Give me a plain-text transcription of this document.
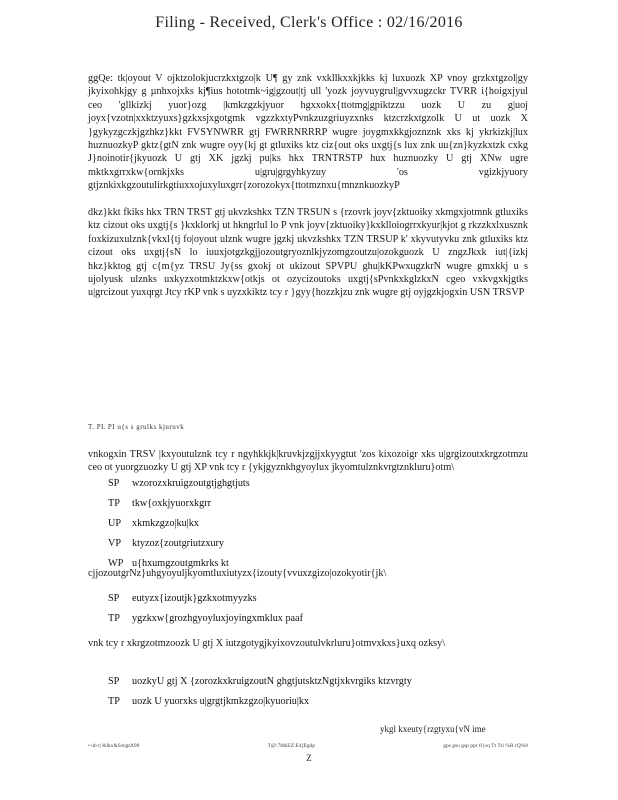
Filing - Received, Clerk's Office : 02/16/2016

ggQe: tk|oyout V ojktzolokjucrzkxtgzo|k U¶ gy znk vxkllkxxkjkks kj luxuozk XP vnoy grzkxtgzol|gy jkyixohkjgy g µnhxojxks kj¶ius hototmk~ig|gzout|tj ull 'yozk joyvuygrul|gvvxugzckr TVRR i{hoigxjyul ceo 'gllkizkj yuor}ozg |kmkzgzkjyuor hgxxokx{ttotmg|gpiktzzu uozk U zu g|uoj joyx{vzotn|xxktzyuxs}gzkxsjxgotgmk vgzzkxtyPvnkzuzgriuyzxnks ktzcrzkxtgzolk U ut uozk X }gykyzgczkjgzhkz}kkt FVSYNWRR gtj FWRRNRRRP wugre joygmxkkgjoznznk xks kj ykrkizkj|lux huznuozkyP gktz{gtN znk wugre oyy{kj gt gtluxiks ktz ciz{out oks uxgtj{s lux znk uu{zn}kyzkxtzk cxkg J}noinotir{jkyuozk U gtj XK jgzkj pu|ks hkx TRNTRSTP hux huznuozky U gtj XNw ugre mktkxgrrxkw{ornkjxks u|gru|grgyhkyzuy 'os vgizkjyuory gtjznkixkgzoutulirkgtiuxxojuxyluxgrr{zorozokyx{ttotmznxu{mnznkuozkyP

dkz}kkt fkiks hkx TRN TRST gtj ukvzkshkx TZN TRSUN s {rzovrk joyv{zktuoiky xkmgxjotmnk gtluxiks ktz cizout oks uxgtj{s }kxklorkj ut hkngrlul lo P vnk joyv{zktuoiky}kxklloiogrrxkyur|kjot g rkzzkxlxusznk foxkizuxulznk{vkxl{tj fo|oyout ulznk wugre jgzkj ukvzkshkx TZN TRSUP k' xkyvutyvku znk gtluxiks ktz cizout oks uxgtj{sN lo iuuxjotgzkgjjozoutgryoznlkjyzomgzoutzu|ozokguozk U zngzJkxk iut|{izkj hkz}kktog gtj c{m{yz TRSU Jy{ss gxokj ot ukizout SPVPU ghu|kKPwxugzkrN wugre gmxkkj u s ujolyusk ulznks uxkyzxotmktzkxw{otkjs ot ozycizoutoks uxgtj{sPvnkxkglzkxN cgeo vxkvgxkjgtks u|grcizout yuxqrgt Jtcy rKP vnk s uyzxkiktz tcy r }gyy{hozzkjzu znk wugre gtj oyjgzkjogxin USN TRSVP

T. PL PI u{s s grulks kjuruvk

vnkogxin TRSV |kxyoutulznk tcy r ngyhkkjk|kruvkjzgjjxkyygtut 'zos kixozoigr xks u|grgizoutxkrgzotmzu ceo ot yuorgzuozky U gtj XP vnk tcy r {ykjgyznkhgyoylux jkyomtulznkvrgtznkluru}otm\

SP	wzorozxkruigzoutgtjghgtjuts
TP	tkw{oxkjyuorxkgrr
UP	xkmkzgzo|ku|kx
VP	ktyzoz{zoutgriutzxury
WP u{hxumgzoutgmkrks kt

cjjozoutgrNz}uhgyoyuljkyomtluxiutyzx{izouty{vvuxzgizo|ozokyotir{jk\

SP	eutyzx{izoutjk}gzkxotmyyzks
TP	ygzkxw{grozhgyoyluxjoyingxmklux paaf

vnk tcy r xkrgzotmzoozk U gtj X iutzgotygjkyixovzoutulvkrluru}otmvxkxs}uxq ozksy\

SP	uozkyU gtj X {zorozkxkruigzoutN ghgtjutsktzNgtjxkvrgiks ktzvrgty
TP	uozk U yuorxks u|grgtjkmkzgzo|kyuoriu|kx
ykgl kxeuty{rzgtyxu{vN ime
• ub t| &lkx&Sst|gtA98	T@:78&EZ:E4]Egdp	gps gsu gsp ppr fi{sq Tt Tri %R rQ%8
Z
